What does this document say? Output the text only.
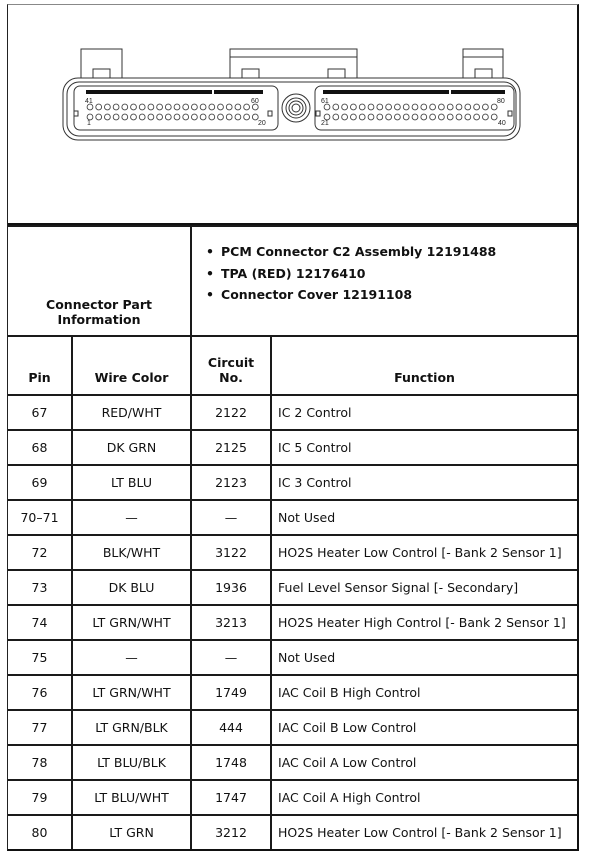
41	60
1	20
61	80
21	40
Connector Part Information	
• PCM Connector C2 Assembly 12191488
• TPA (RED) 12176410
• Connector Cover 12191108

Pin	Wire Color	Circuit No.	Function
67	RED/WHT	2122	IC 2 Control
68	DK GRN	2125	IC 5 Control
69	LT BLU	2123	IC 3 Control
70–71	—	—	Not Used
72	BLK/WHT	3122	HO2S Heater Low Control [- Bank 2 Sensor 1]
73	DK BLU	1936	Fuel Level Sensor Signal [- Secondary]
74	LT GRN/WHT	3213	HO2S Heater High Control [- Bank 2 Sensor 1]
75	—	—	Not Used
76	LT GRN/WHT	1749	IAC Coil B High Control
77	LT GRN/BLK	444	IAC Coil B Low Control
78	LT BLU/BLK	1748	IAC Coil A Low Control
79	LT BLU/WHT	1747	IAC Coil A High Control
80	LT GRN	3212	HO2S Heater Low Control [- Bank 2 Sensor 1]
